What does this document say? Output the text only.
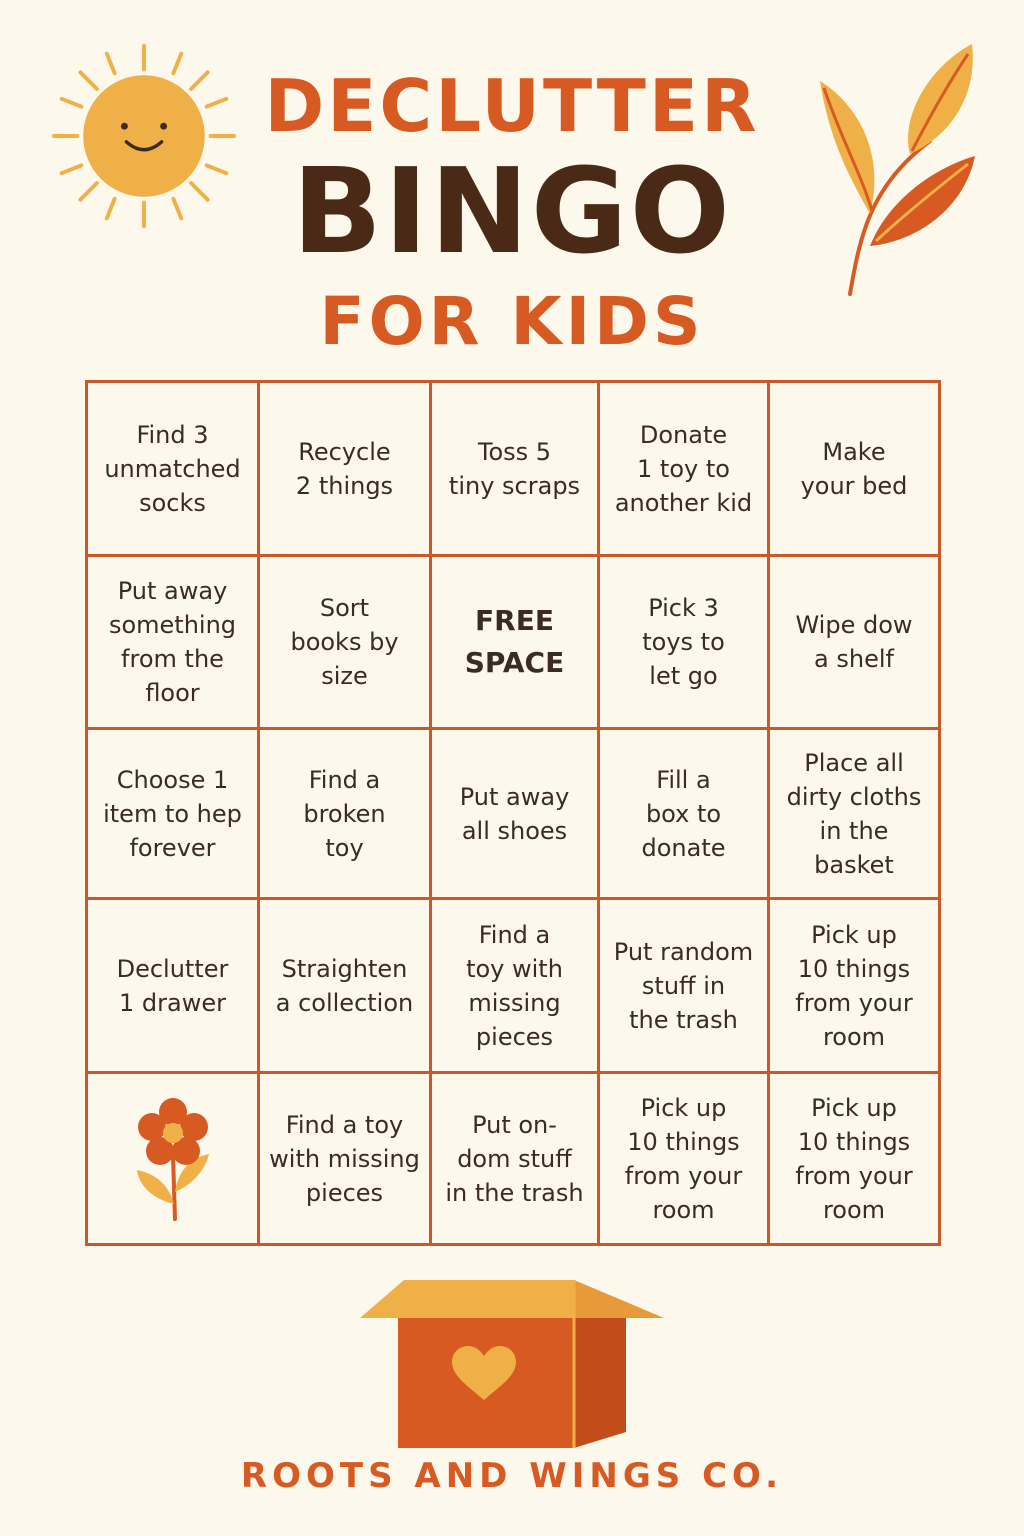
DECLUTTER
BINGO
FOR KIDS
Find 3
unmatched
socks
Recycle
2 things
Toss 5
tiny scraps
Donate
1 toy to
another kid
Make
your bed
Put away
something
from the
floor
Sort
books by
size
FREE
SPACE
Pick 3
toys to
let go
Wipe dow
a shelf
Choose 1
item to hep
forever
Find a
broken
toy
Put away
all shoes
Fill a
box to
donate
Place all
dirty cloths
in the
basket
Declutter
1 drawer
Straighten
a collection
Find a
toy with
missing
pieces
Put random
stuff in
the trash
Pick up
10 things
from your
room
Find a toy
with missing
pieces
Put on-
dom stuff
in the trash
Pick up
10 things
from your
room
Pick up
10 things
from your
room
ROOTS AND WINGS CO.
